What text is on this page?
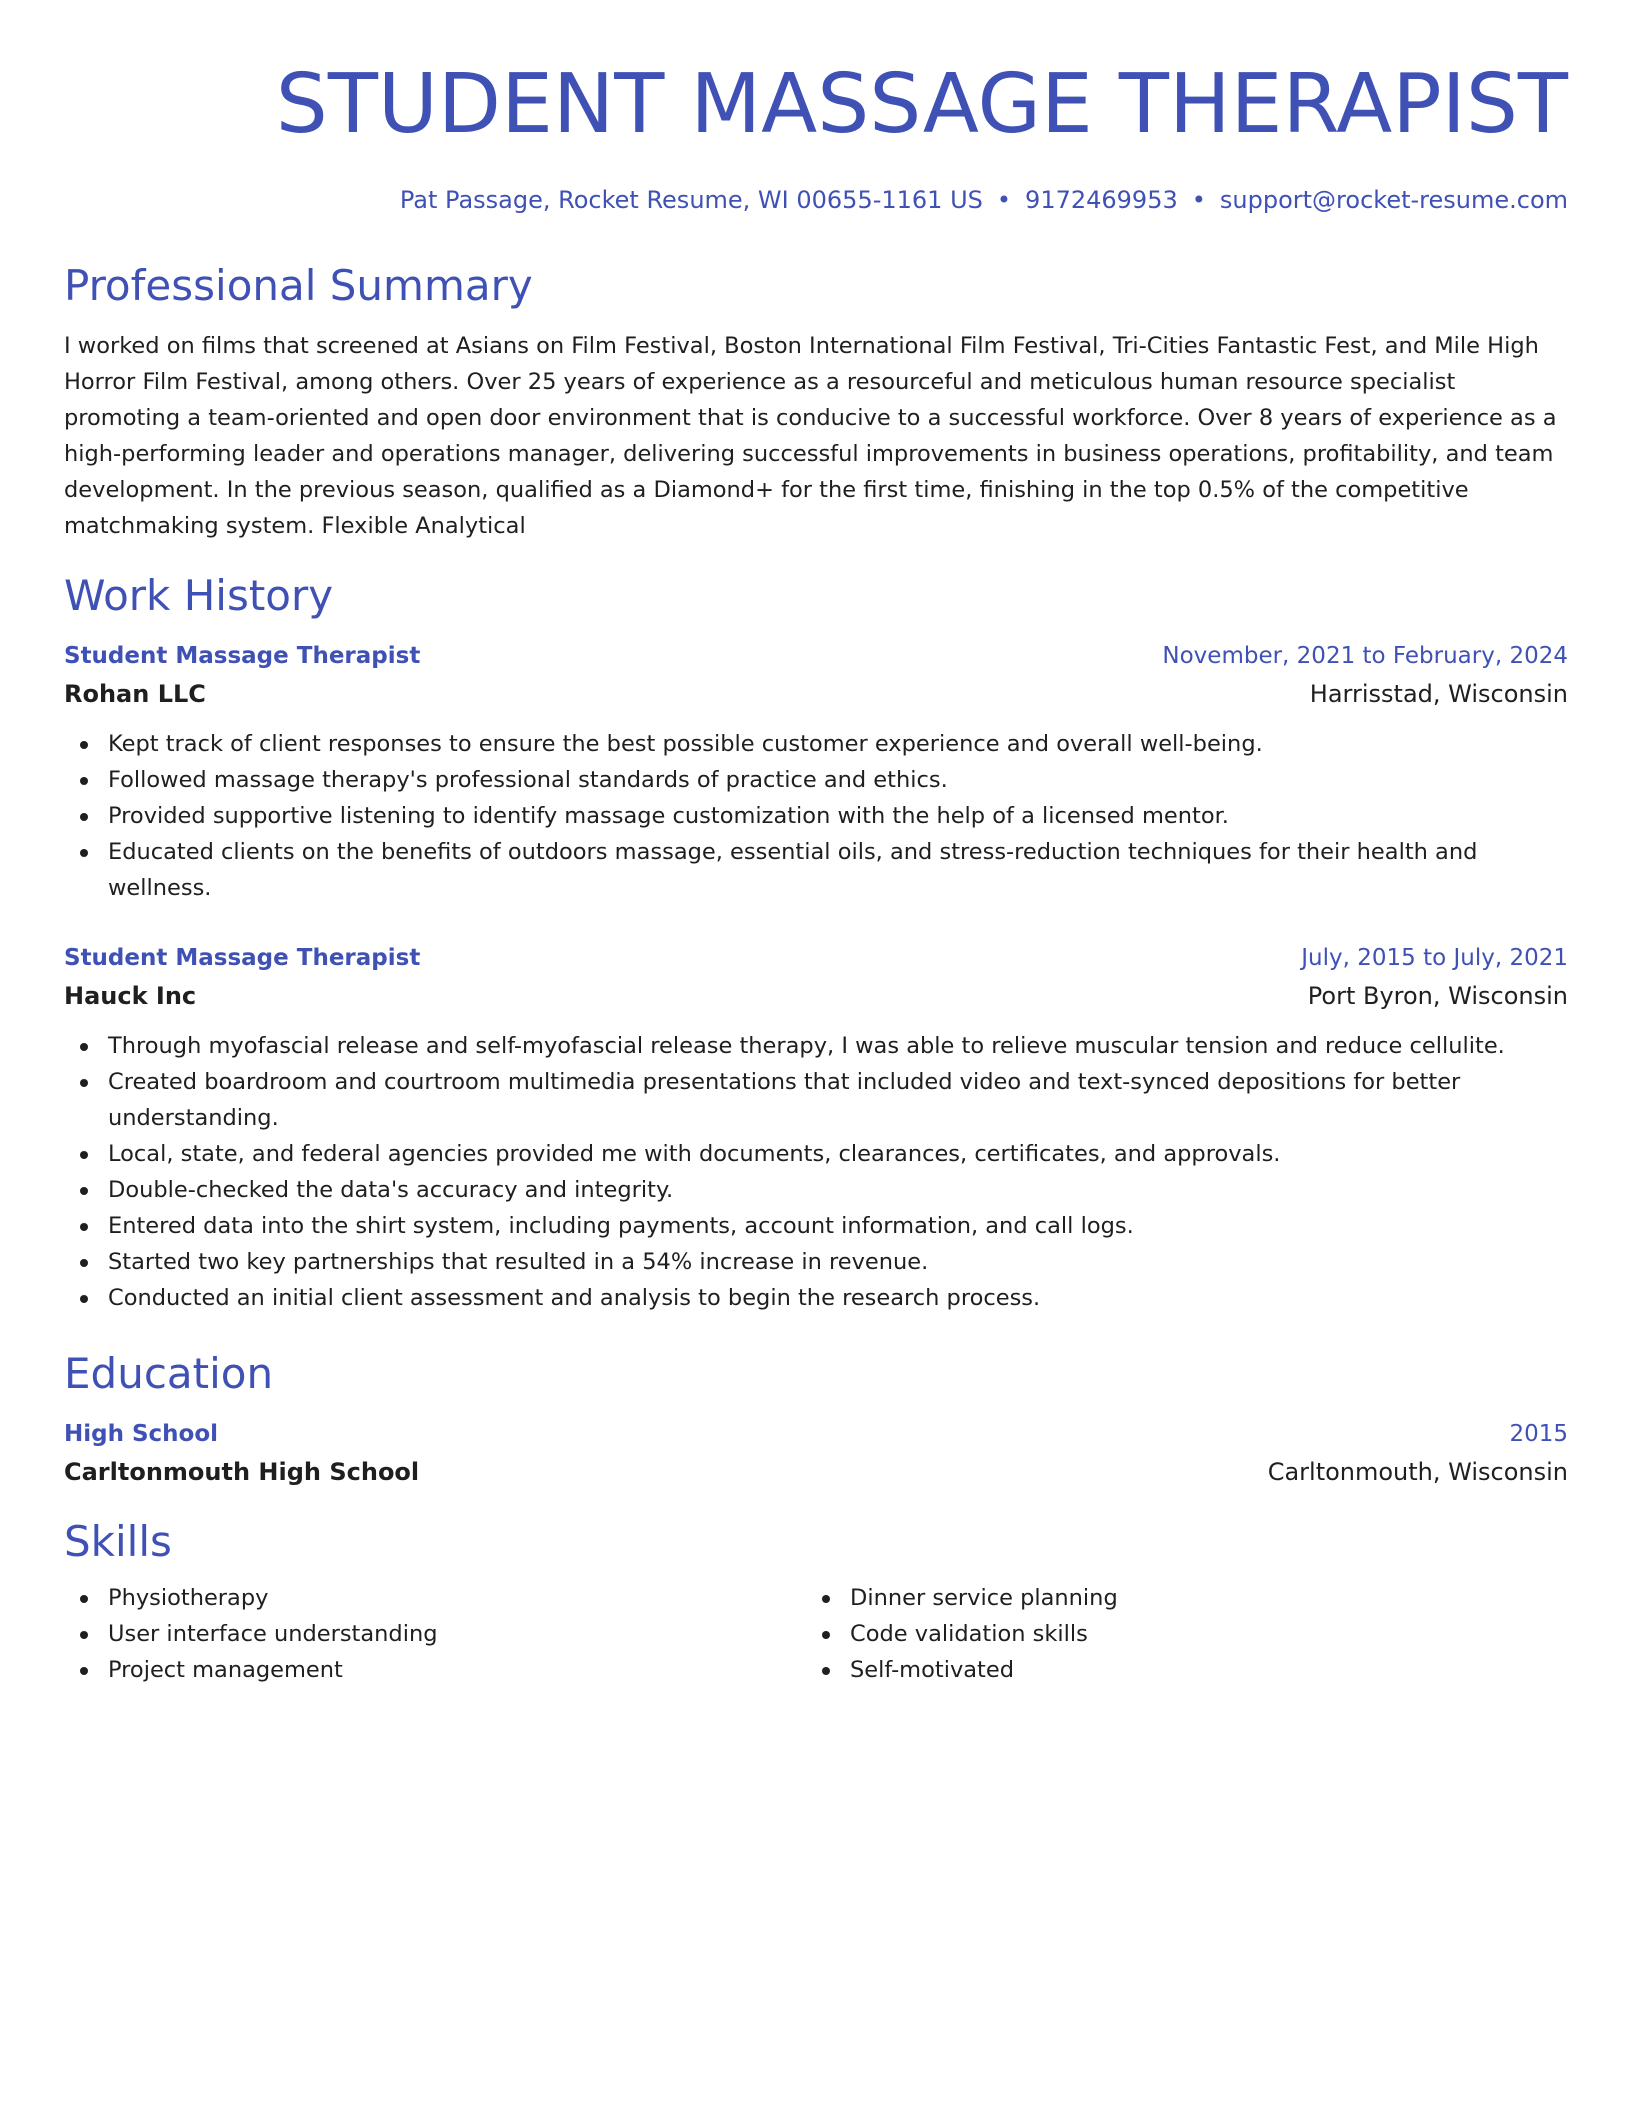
STUDENT MASSAGE THERAPIST
Pat Passage, Rocket Resume, WI 00655-1161 US • 9172469953 • support@rocket-resume.com
Professional Summary
I worked on films that screened at Asians on Film Festival, Boston International Film Festival, Tri-Cities Fantastic Fest, and Mile High Horror Film Festival, among others. Over 25 years of experience as a resourceful and meticulous human resource specialist promoting a team-oriented and open door environment that is conducive to a successful workforce. Over 8 years of experience as a high-performing leader and operations manager, delivering successful improvements in business operations, profitability, and team development. In the previous season, qualified as a Diamond+ for the first time, finishing in the top 0.5% of the competitive matchmaking system. Flexible Analytical
Work History
Student Massage Therapist	November, 2021 to February, 2024
Rohan LLC	Harrisstad, Wisconsin
Kept track of client responses to ensure the best possible customer experience and overall well-being.
Followed massage therapy's professional standards of practice and ethics.
Provided supportive listening to identify massage customization with the help of a licensed mentor.
Educated clients on the benefits of outdoors massage, essential oils, and stress-reduction techniques for their health and wellness.
Student Massage Therapist	July, 2015 to July, 2021
Hauck Inc	Port Byron, Wisconsin
Through myofascial release and self-myofascial release therapy, I was able to relieve muscular tension and reduce cellulite.
Created boardroom and courtroom multimedia presentations that included video and text-synced depositions for better understanding.
Local, state, and federal agencies provided me with documents, clearances, certificates, and approvals.
Double-checked the data's accuracy and integrity.
Entered data into the shirt system, including payments, account information, and call logs.
Started two key partnerships that resulted in a 54% increase in revenue.
Conducted an initial client assessment and analysis to begin the research process.
Education
High School	2015
Carltonmouth High School	Carltonmouth, Wisconsin
Skills
Physiotherapy
User interface understanding
Project management
Dinner service planning
Code validation skills
Self-motivated
